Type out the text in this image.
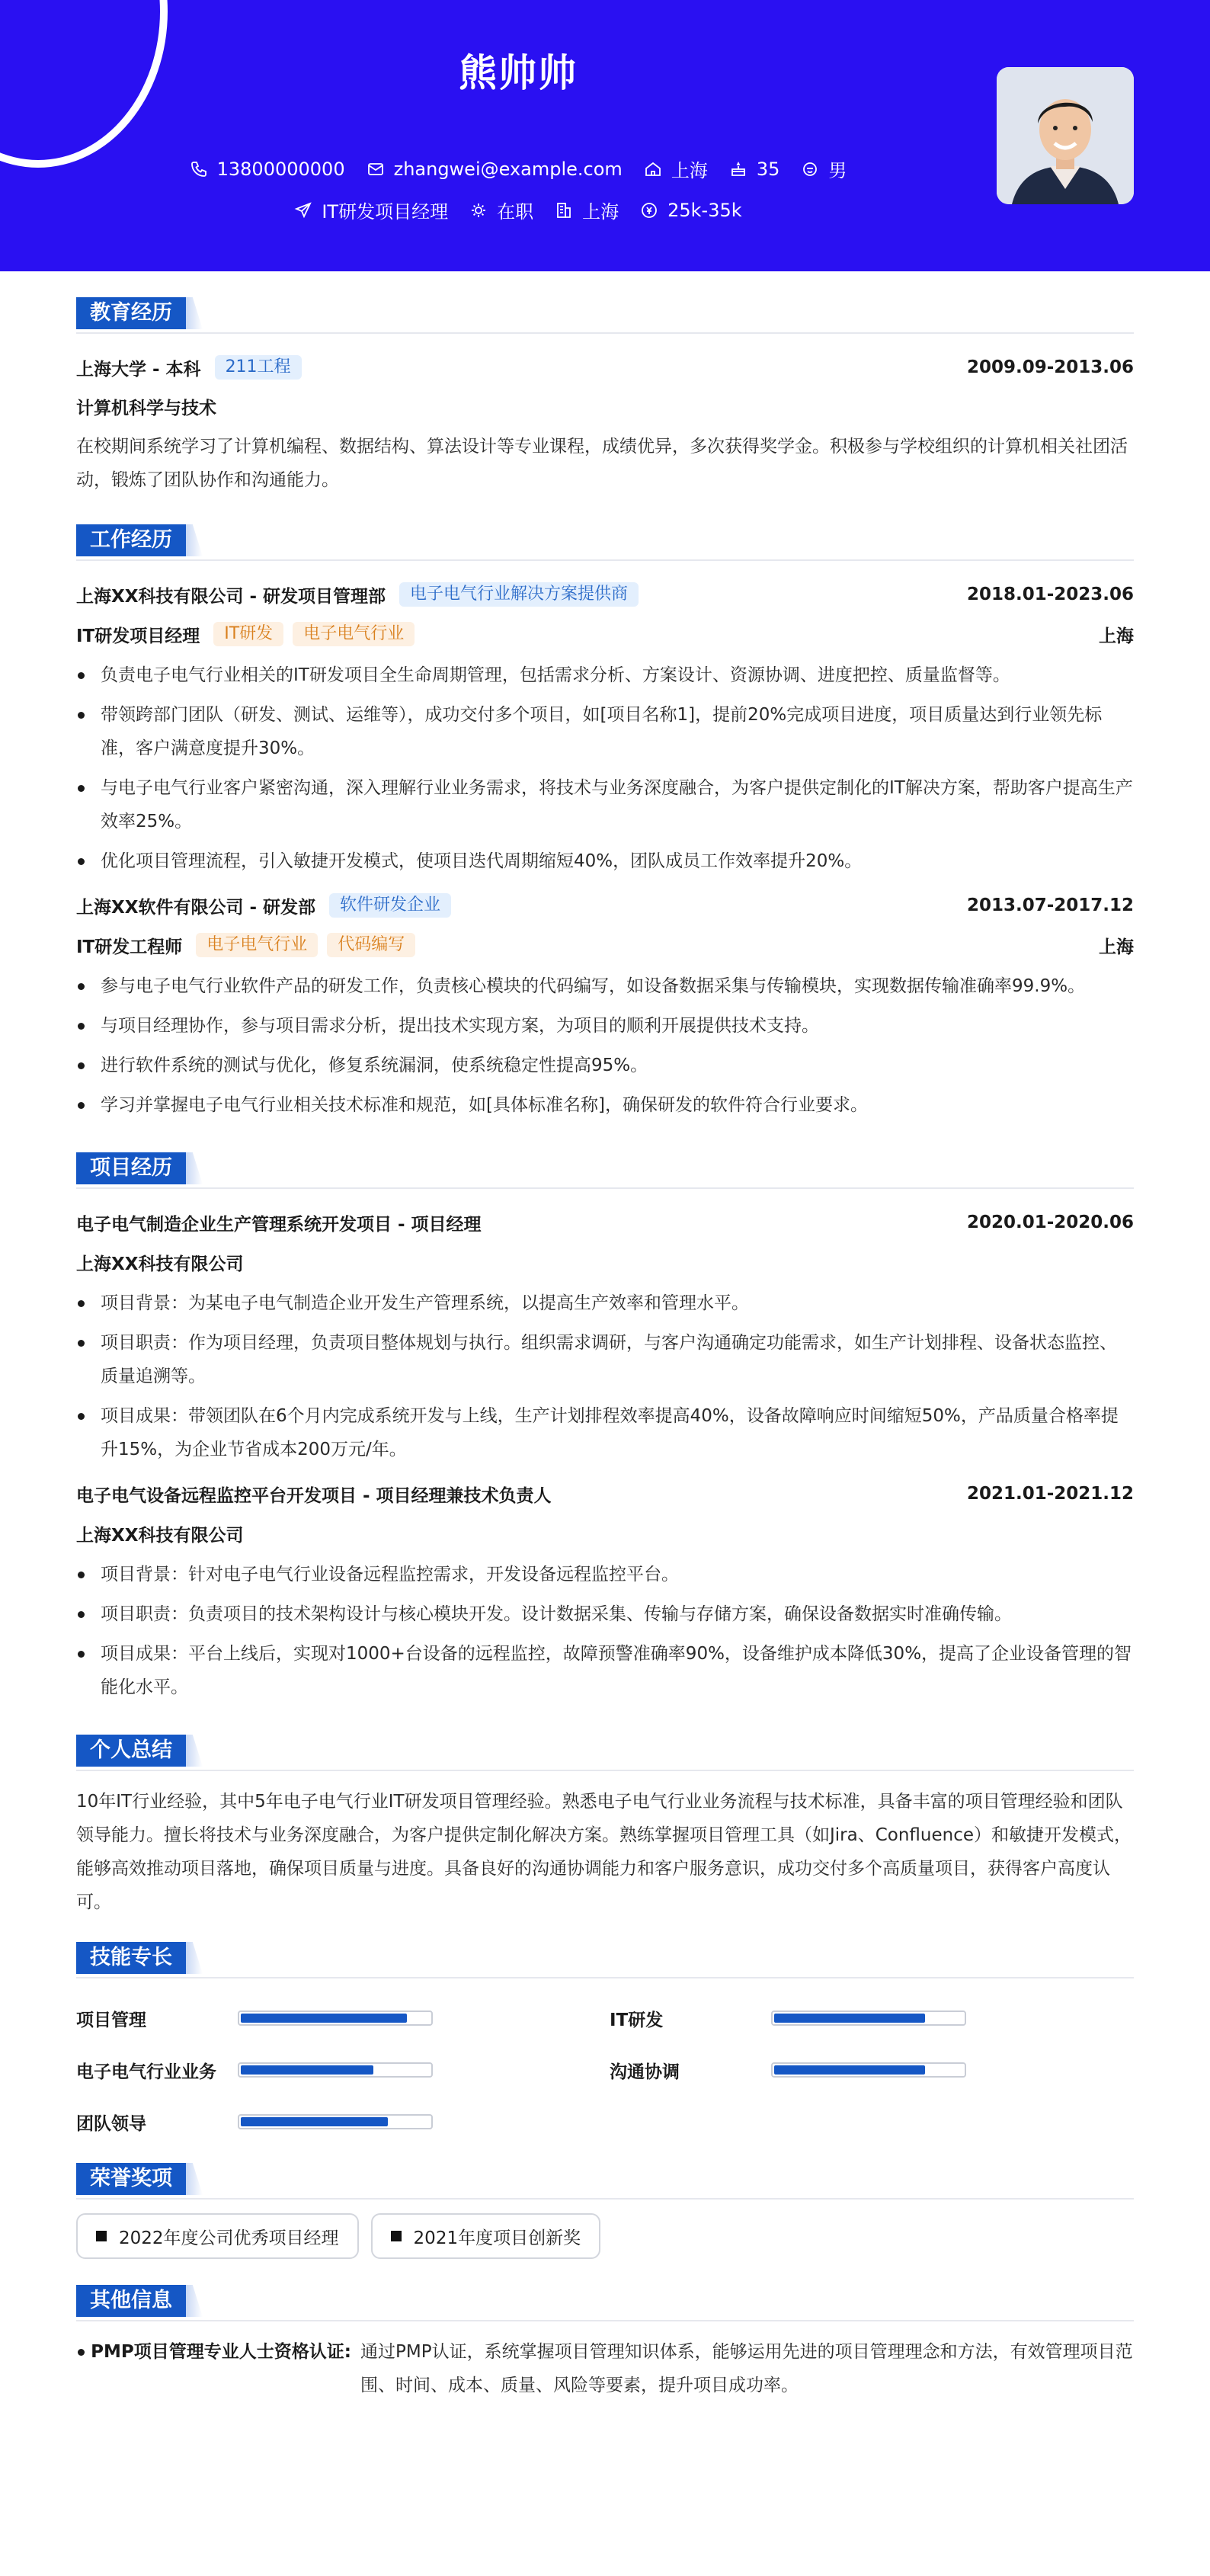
熊帅帅
13800000000	zhangwei@example.com	上海	35	男
IT研发项目经理	在职	上海	25k-35k
教育经历
上海大学 - 本科	211工程	2009.09-2013.06
计算机科学与技术
在校期间系统学习了计算机编程、数据结构、算法设计等专业课程，成绩优异，多次获得奖学金。积极参与学校组织的计算机相关社团活动，锻炼了团队协作和沟通能力。
工作经历
上海XX科技有限公司 - 研发项目管理部	电子电气行业解决方案提供商	2018.01-2023.06
IT研发项目经理	IT研发	电子电气行业	上海
负责电子电气行业相关的IT研发项目全生命周期管理，包括需求分析、方案设计、资源协调、进度把控、质量监督等。
带领跨部门团队（研发、测试、运维等），成功交付多个项目，如[项目名称1]，提前20%完成项目进度，项目质量达到行业领先标准，客户满意度提升30%。
与电子电气行业客户紧密沟通，深入理解行业业务需求，将技术与业务深度融合，为客户提供定制化的IT解决方案，帮助客户提高生产效率25%。
优化项目管理流程，引入敏捷开发模式，使项目迭代周期缩短40%，团队成员工作效率提升20%。
上海XX软件有限公司 - 研发部	软件研发企业	2013.07-2017.12
IT研发工程师	电子电气行业	代码编写	上海
参与电子电气行业软件产品的研发工作，负责核心模块的代码编写，如设备数据采集与传输模块，实现数据传输准确率99.9%。
与项目经理协作，参与项目需求分析，提出技术实现方案，为项目的顺利开展提供技术支持。
进行软件系统的测试与优化，修复系统漏洞，使系统稳定性提高95%。
学习并掌握电子电气行业相关技术标准和规范，如[具体标准名称]，确保研发的软件符合行业要求。
项目经历
电子电气制造企业生产管理系统开发项目 - 项目经理	2020.01-2020.06
上海XX科技有限公司
项目背景：为某电子电气制造企业开发生产管理系统，以提高生产效率和管理水平。
项目职责：作为项目经理，负责项目整体规划与执行。组织需求调研，与客户沟通确定功能需求，如生产计划排程、设备状态监控、质量追溯等。
项目成果：带领团队在6个月内完成系统开发与上线，生产计划排程效率提高40%，设备故障响应时间缩短50%，产品质量合格率提升15%，为企业节省成本200万元/年。
电子电气设备远程监控平台开发项目 - 项目经理兼技术负责人	2021.01-2021.12
上海XX科技有限公司
项目背景：针对电子电气行业设备远程监控需求，开发设备远程监控平台。
项目职责：负责项目的技术架构设计与核心模块开发。设计数据采集、传输与存储方案，确保设备数据实时准确传输。
项目成果：平台上线后，实现对1000+台设备的远程监控，故障预警准确率90%，设备维护成本降低30%，提高了企业设备管理的智能化水平。
个人总结
10年IT行业经验，其中5年电子电气行业IT研发项目管理经验。熟悉电子电气行业业务流程与技术标准，具备丰富的项目管理经验和团队领导能力。擅长将技术与业务深度融合，为客户提供定制化解决方案。熟练掌握项目管理工具（如Jira、Confluence）和敏捷开发模式，能够高效推动项目落地，确保项目质量与进度。具备良好的沟通协调能力和客户服务意识，成功交付多个高质量项目，获得客户高度认可。
技能专长
项目管理	IT研发
电子电气行业业务	沟通协调
团队领导
荣誉奖项
2022年度公司优秀项目经理	2021年度项目创新奖
其他信息
PMP项目管理专业人士资格认证: 通过PMP认证，系统掌握项目管理知识体系，能够运用先进的项目管理理念和方法，有效管理项目范围、时间、成本、质量、风险等要素，提升项目成功率。
